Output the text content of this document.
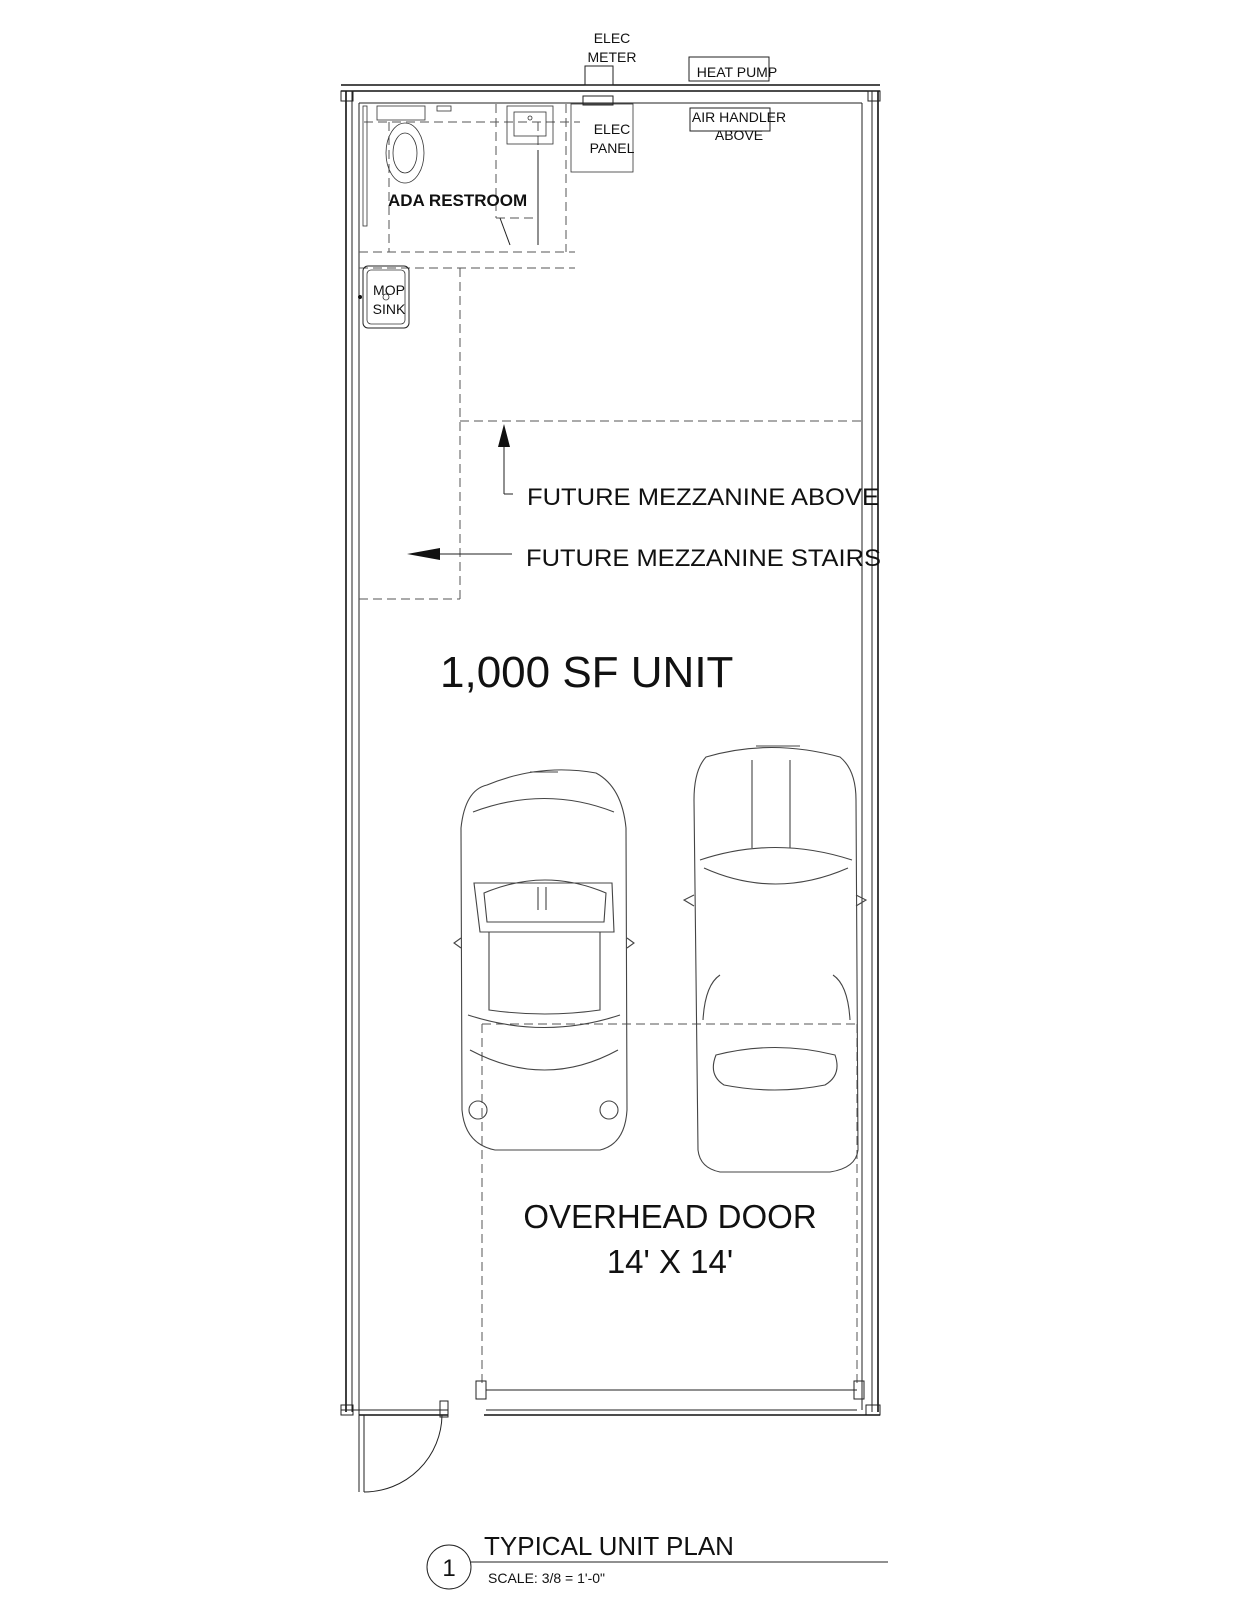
ELEC
METER
HEAT PUMP
AIR HANDLER
ABOVE
ELEC
PANEL
ADA RESTROOM
MOP
SINK
FUTURE MEZZANINE ABOVE
FUTURE MEZZANINE STAIRS
1,000 SF UNIT
OVERHEAD DOOR
14' X 14'
1
TYPICAL UNIT PLAN
SCALE: 3/8 = 1'-0"
